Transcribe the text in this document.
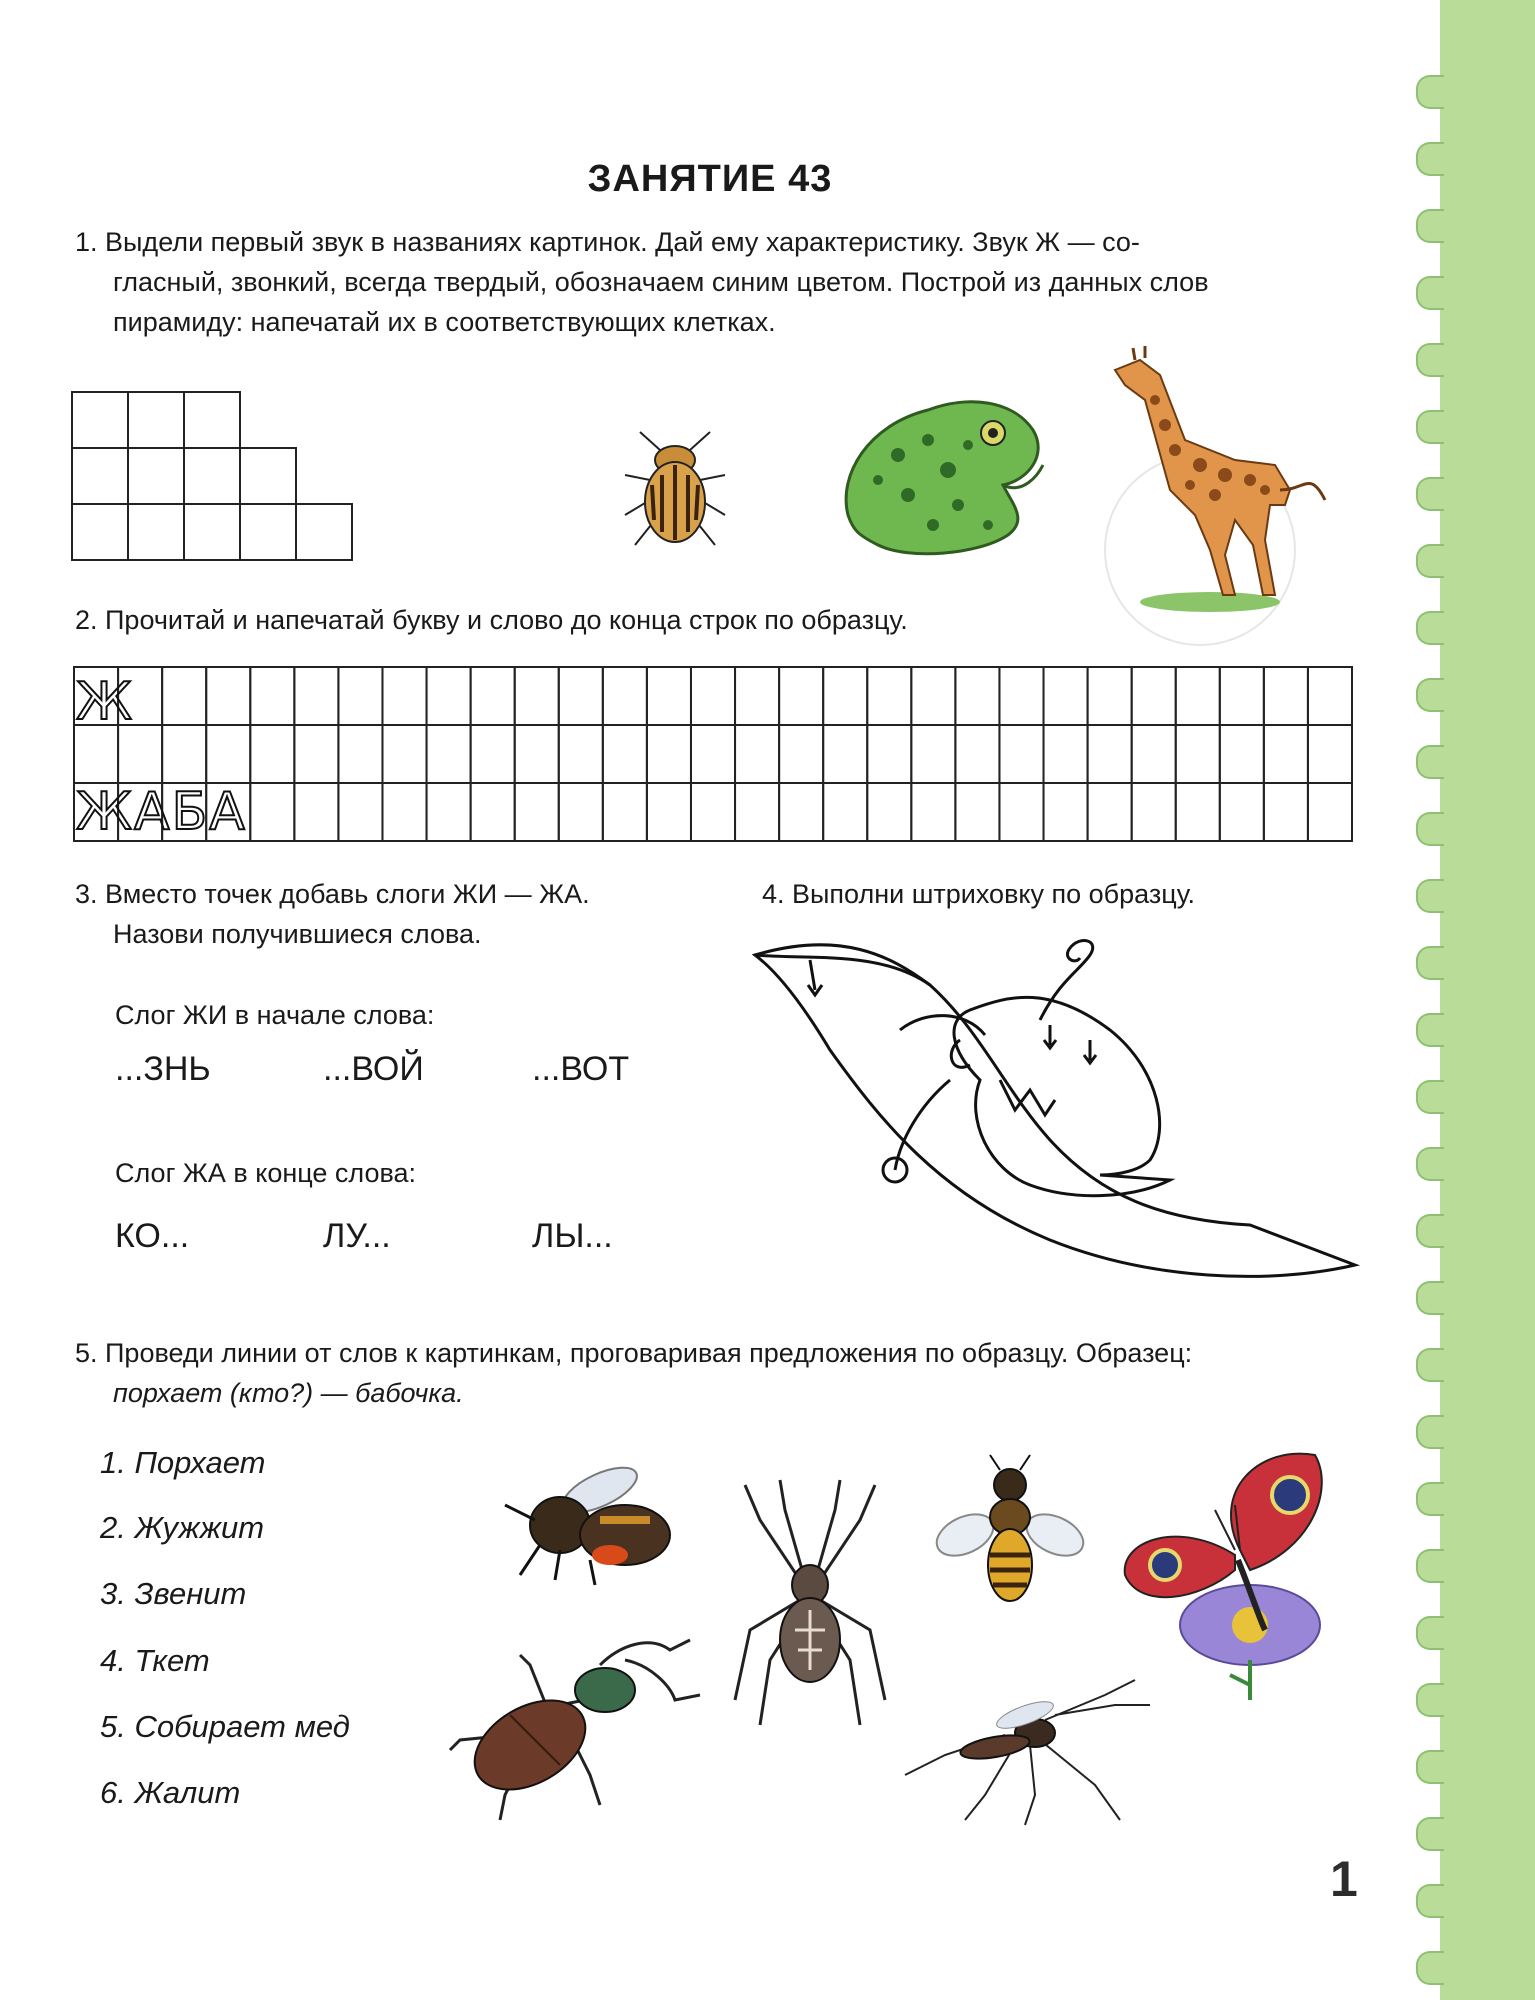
ЗАНЯТИЕ 43
1. Выдели первый звук в названиях картинок. Дай ему характеристику. Звук Ж — со-
гласный, звонкий, всегда твердый, обозначаем синим цветом. Построй из данных слов
пирамиду: напечатай их в соответствующих клетках.
2. Прочитай и напечатай букву и слово до конца строк по образцу.
Ж
ЖАБА
3. Вместо точек добавь слоги ЖИ — ЖА.
Назови получившиеся слова.
Слог ЖИ в начале слова:
...ЗНЬ	...ВОЙ	...ВОТ
Слог ЖА в конце слова:
КО...	ЛУ...	ЛЫ...
4. Выполни штриховку по образцу.
5. Проведи линии от слов к картинкам, проговаривая предложения по образцу. Образец:
порхает (кто?) — бабочка.
1. Порхает
2. Жужжит
3. Звенит
4. Ткет
5. Собирает мед
6. Жалит
1
